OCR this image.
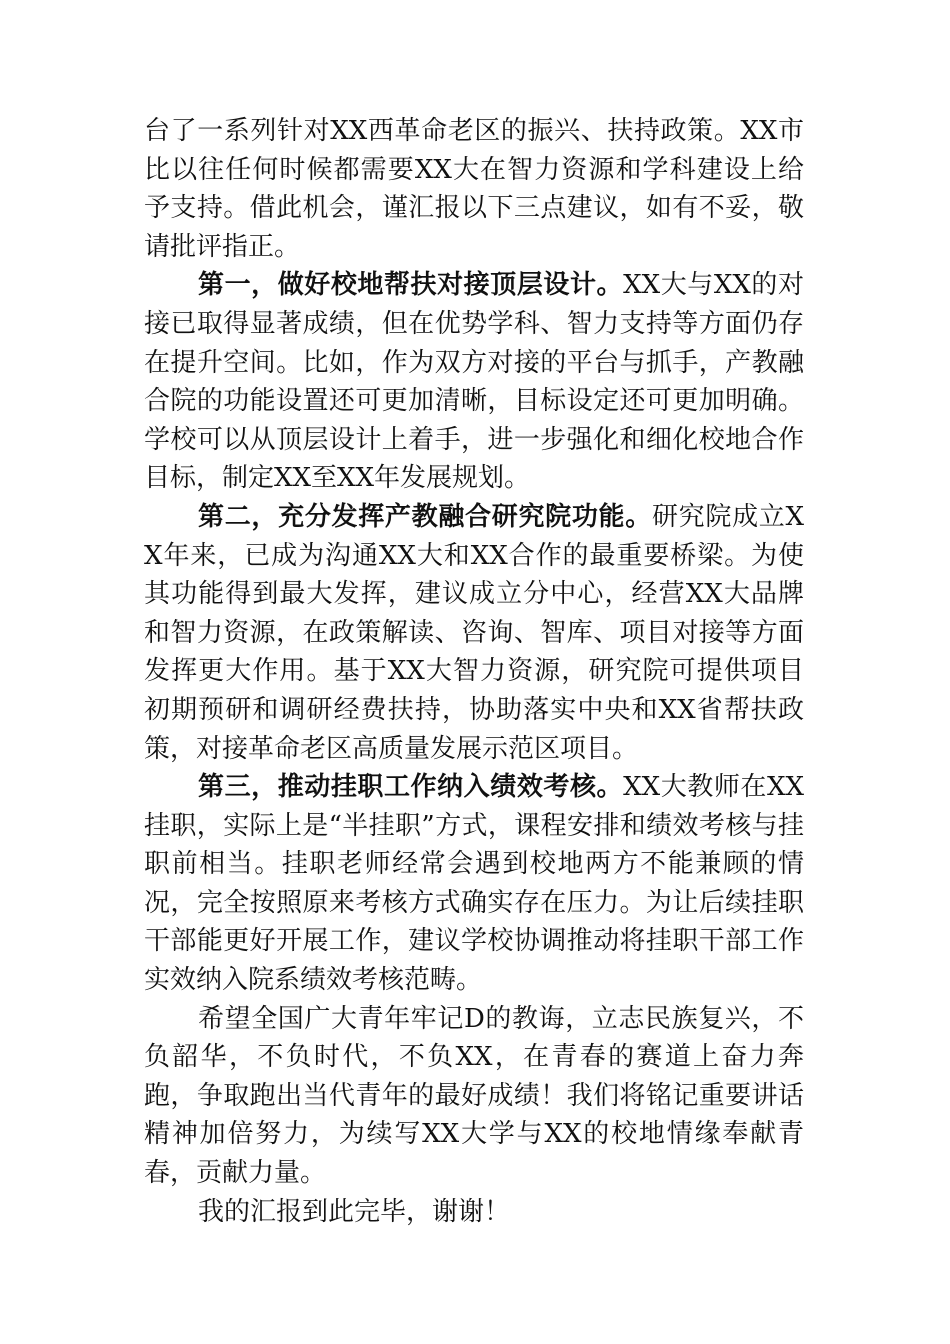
台了一系列针对XX西革命老区的振兴、扶持政策。XX市比以往任何时候都需要XX大在智力资源和学科建设上给予支持。借此机会，谨汇报以下三点建议，如有不妥，敬请批评指正。

第一，做好校地帮扶对接顶层设计。XX大与XX的对接已取得显著成绩，但在优势学科、智力支持等方面仍存在提升空间。比如，作为双方对接的平台与抓手，产教融合院的功能设置还可更加清晰，目标设定还可更加明确。学校可以从顶层设计上着手，进一步强化和细化校地合作目标，制定XX至XX年发展规划。

第二，充分发挥产教融合研究院功能。研究院成立XX年来，已成为沟通XX大和XX合作的最重要桥梁。为使其功能得到最大发挥，建议成立分中心，经营XX大品牌和智力资源，在政策解读、咨询、智库、项目对接等方面发挥更大作用。基于XX大智力资源，研究院可提供项目初期预研和调研经费扶持，协助落实中央和XX省帮扶政策，对接革命老区高质量发展示范区项目。

第三，推动挂职工作纳入绩效考核。XX大教师在XX挂职，实际上是“半挂职”方式，课程安排和绩效考核与挂职前相当。挂职老师经常会遇到校地两方不能兼顾的情况，完全按照原来考核方式确实存在压力。为让后续挂职干部能更好开展工作，建议学校协调推动将挂职干部工作实效纳入院系绩效考核范畴。

希望全国广大青年牢记D的教诲，立志民族复兴，不负韶华，不负时代，不负XX，在青春的赛道上奋力奔跑，争取跑出当代青年的最好成绩！我们将铭记重要讲话精神加倍努力，为续写XX大学与XX的校地情缘奉献青春，贡献力量。

我的汇报到此完毕，谢谢！
